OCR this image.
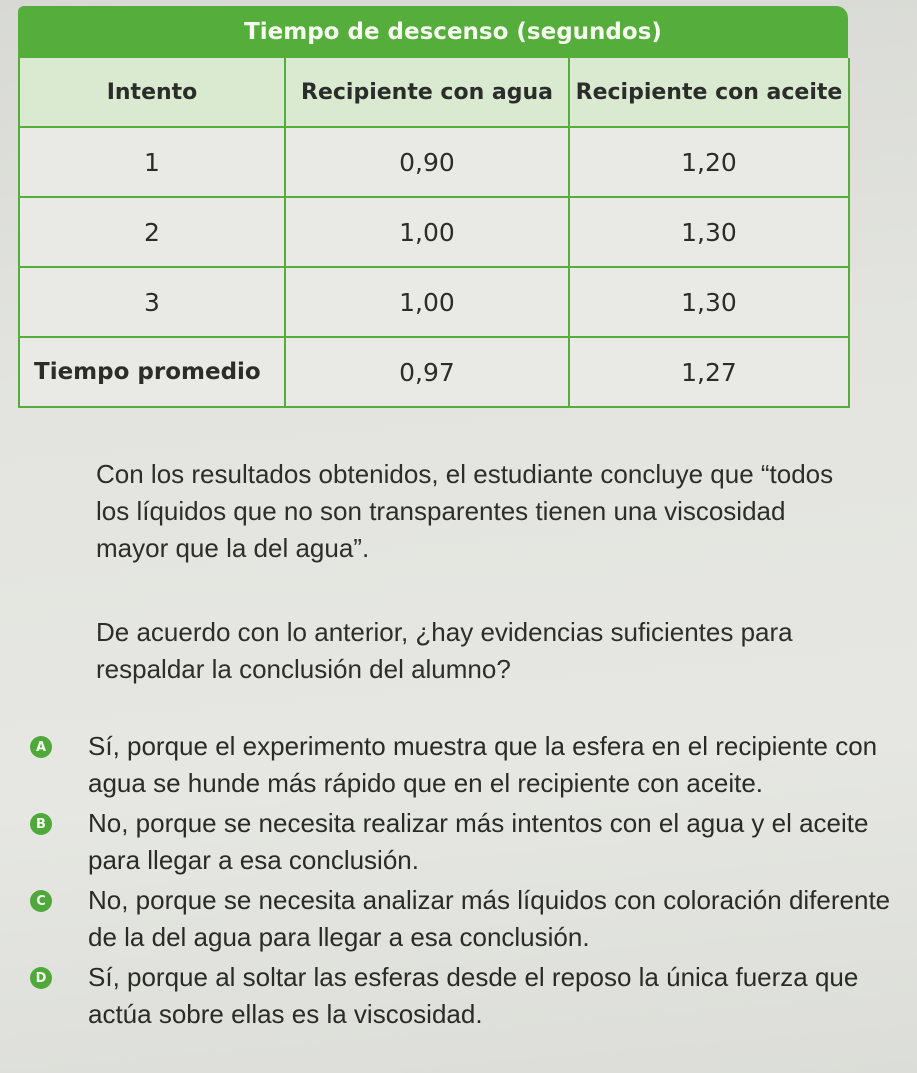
Tiempo de descenso (segundos)
Intento	Recipiente con agua	Recipiente con aceite
1	0,90	1,20
2	1,00	1,30
3	1,00	1,30
Tiempo promedio	0,97	1,27

Con los resultados obtenidos, el estudiante concluye que “todos los líquidos que no son transparentes tienen una viscosidad mayor que la del agua”.

De acuerdo con lo anterior, ¿hay evidencias suficientes para respaldar la conclusión del alumno?

A Sí, porque el experimento muestra que la esfera en el recipiente con agua se hunde más rápido que en el recipiente con aceite.
B No, porque se necesita realizar más intentos con el agua y el aceite para llegar a esa conclusión.
C No, porque se necesita analizar más líquidos con coloración diferente de la del agua para llegar a esa conclusión.
D Sí, porque al soltar las esferas desde el reposo la única fuerza que actúa sobre ellas es la viscosidad.
